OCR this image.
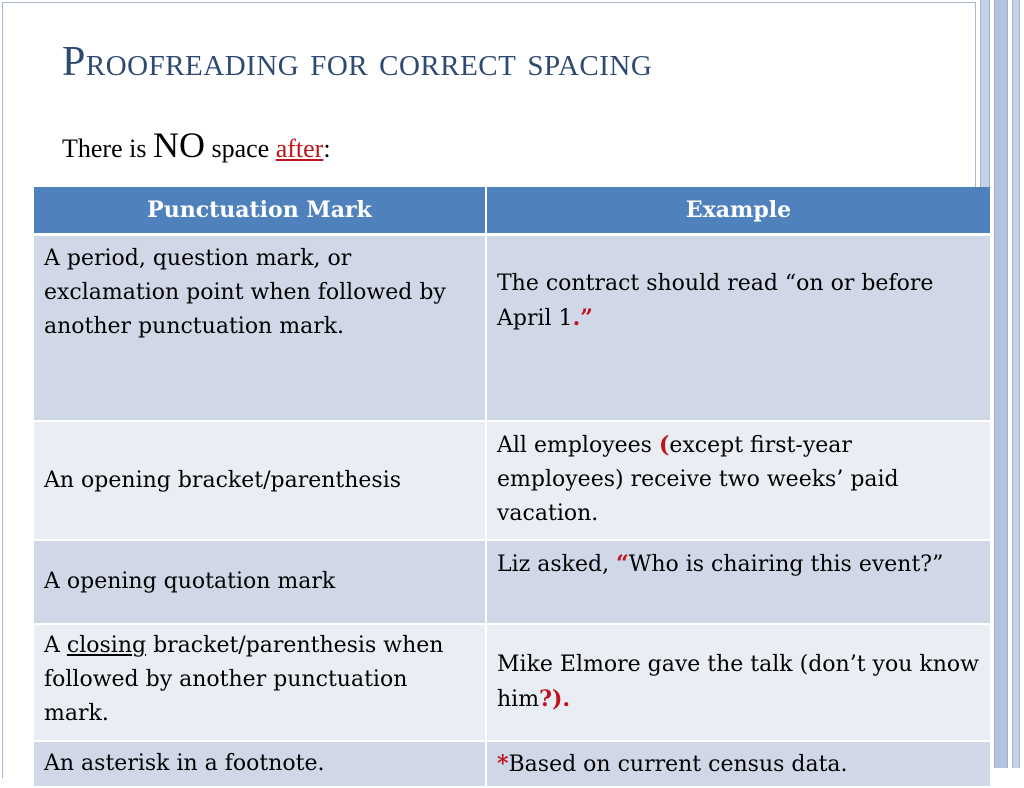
Proofreading for correct spacing
There is NO space after:
Punctuation Mark	Example
A period, question mark, or exclamation point when followed by another punctuation mark.	The contract should read “on or before April 1.”
An opening bracket/parenthesis	All employees (except first-year employees) receive two weeks’ paid vacation.
A opening quotation mark	Liz asked, “Who is chairing this event?”
A closing bracket/parenthesis when followed by another punctuation mark.	Mike Elmore gave the talk (don’t you know him?).
An asterisk in a footnote.	*Based on current census data.
